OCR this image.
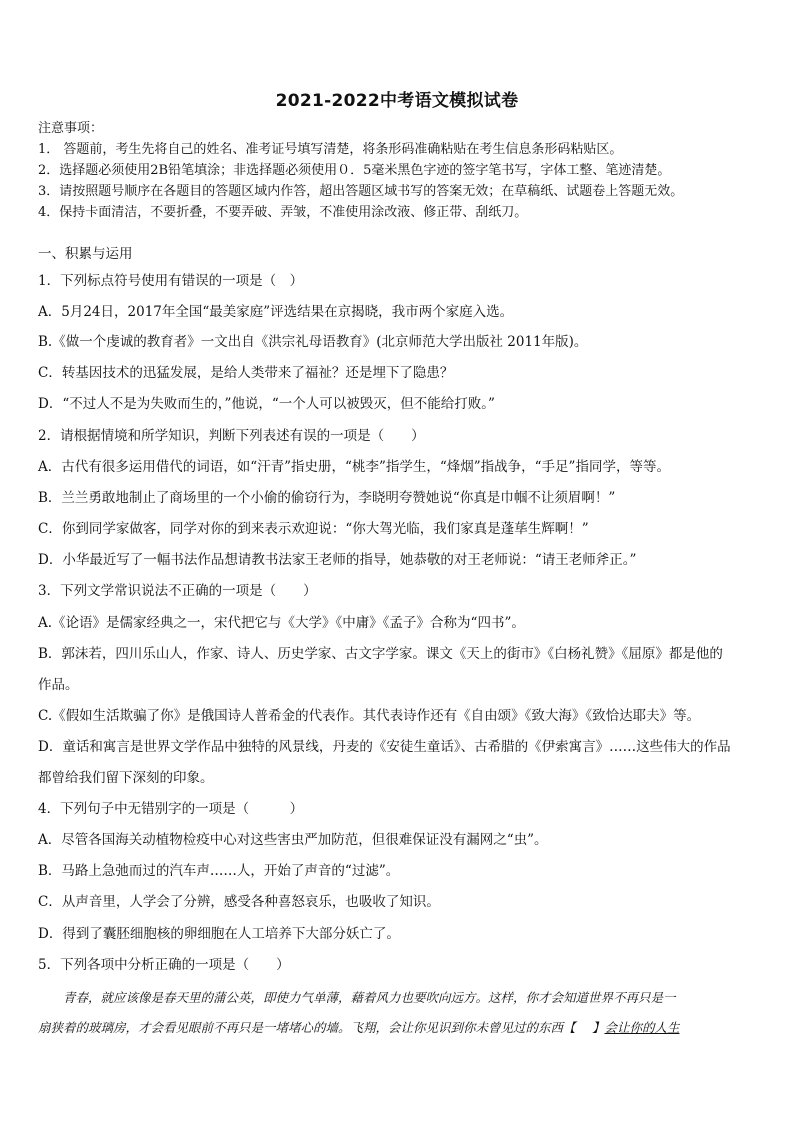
2021-2022中考语文模拟试卷
注意事项：
1． 答题前，考生先将自己的姓名、准考证号填写清楚，将条形码准确粘贴在考生信息条形码粘贴区。
2．选择题必须使用2B铅笔填涂；非选择题必须使用０．5毫米黑色字迹的签字笔书写，字体工整、笔迹清楚。
3．请按照题号顺序在各题目的答题区域内作答，超出答题区域书写的答案无效；在草稿纸、试题卷上答题无效。
4．保持卡面清洁，不要折叠，不要弄破、弄皱，不准使用涂改液、修正带、刮纸刀。
一、积累与运用
1．下列标点符号使用有错误的一项是（　）
A．5月24日，2017年全国“最美家庭”评选结果在京揭晓，我市两个家庭入选。
B.《做一个虔诚的教育者》一文出自《洪宗礼母语教育》(北京师范大学出版社 2011年版)。
C．转基因技术的迅猛发展，是给人类带来了福祉？还是埋下了隐患？
D．“不过人不是为失败而生的，”他说，“一个人可以被毁灭，但不能给打败。”
2．请根据情境和所学知识，判断下列表述有误的一项是（　　）
A．古代有很多运用借代的词语，如“汗青”指史册，“桃李”指学生，“烽烟”指战争，“手足”指同学，等等。
B．兰兰勇敢地制止了商场里的一个小偷的偷窃行为，李晓明夸赞她说“你真是巾帼不让须眉啊！”
C．你到同学家做客，同学对你的到来表示欢迎说：“你大驾光临，我们家真是蓬荜生辉啊！”
D．小华最近写了一幅书法作品想请教书法家王老师的指导，她恭敬的对王老师说：“请王老师斧正。”
3．下列文学常识说法不正确的一项是（　　）
A.《论语》是儒家经典之一，宋代把它与《大学》《中庸》《孟子》合称为“四书”。
B．郭沫若，四川乐山人，作家、诗人、历史学家、古文字学家。课文《天上的街市》《白杨礼赞》《屈原》都是他的
作品。
C.《假如生活欺骗了你》是俄国诗人普希金的代表作。其代表诗作还有《自由颂》《致大海》《致恰达耶夫》等。
D．童话和寓言是世界文学作品中独特的风景线，丹麦的《安徒生童话》、古希腊的《伊索寓言》……这些伟大的作品
都曾给我们留下深刻的印象。
4．下列句子中无错别字的一项是（　　　）
A．尽管各国海关动植物检疫中心对这些害虫严加防范，但很难保证没有漏网之“虫”。
B．马路上急弛而过的汽车声……人，开始了声音的“过滤”。
C．从声音里，人学会了分辨，感受各种喜怒哀乐，也吸收了知识。
D．得到了囊胚细胞核的卵细胞在人工培养下大部分妖亡了。
5．下列各项中分析正确的一项是（　　）
　　青春，就应该像是春天里的蒲公英，即使力气单薄，藉着风力也要吹向远方。这样，你才会知道世界不再只是一
扇狭着的玻璃房，才会看见眼前不再只是一堵堵心的墙。飞翔，会让你见识到你未曾见过的东西【　 】会让你的人生
